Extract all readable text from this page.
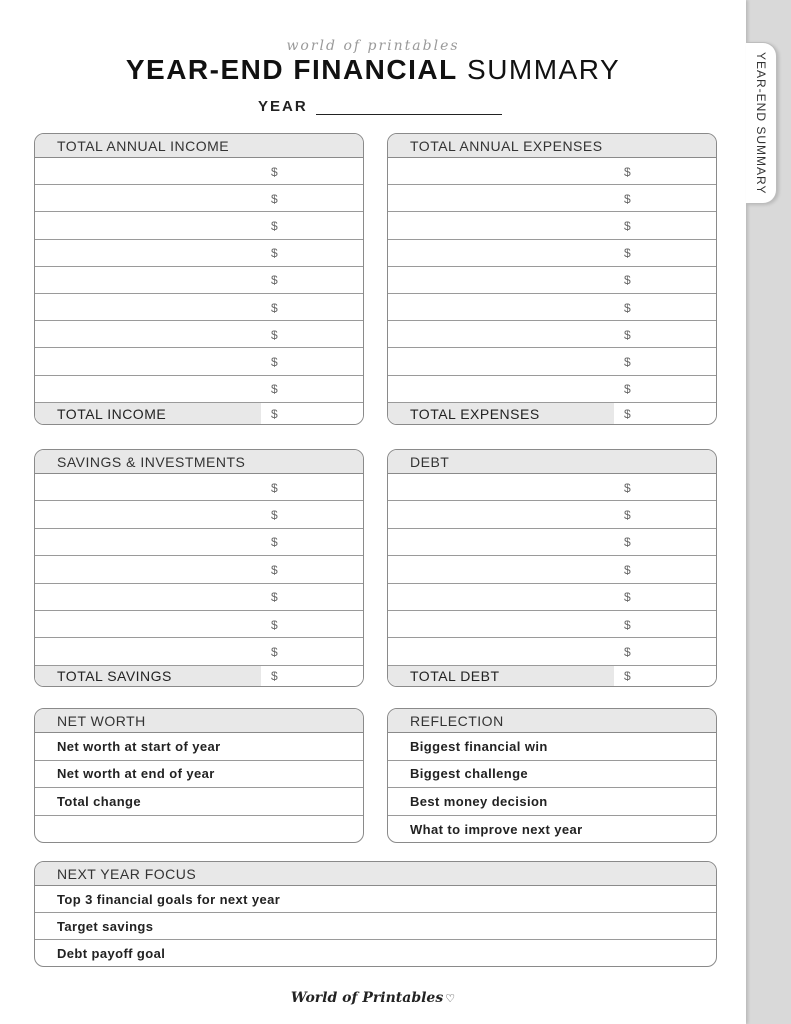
world of printables
YEAR-END FINANCIAL SUMMARY
YEAR
TOTAL ANNUAL INCOME
$
$
$
$
$
$
$
$
$
TOTAL INCOME	$
TOTAL ANNUAL EXPENSES
$
$
$
$
$
$
$
$
$
TOTAL EXPENSES	$
SAVINGS & INVESTMENTS
$
$
$
$
$
$
$
TOTAL SAVINGS	$
DEBT
$
$
$
$
$
$
$
TOTAL DEBT	$
NET WORTH
Net worth at start of year
Net worth at end of year
Total change
REFLECTION
Biggest financial win
Biggest challenge
Best money decision
What to improve next year
NEXT YEAR FOCUS
Top 3 financial goals for next year
Target savings
Debt payoff goal
World of Printables ♡
YEAR-END SUMMARY
